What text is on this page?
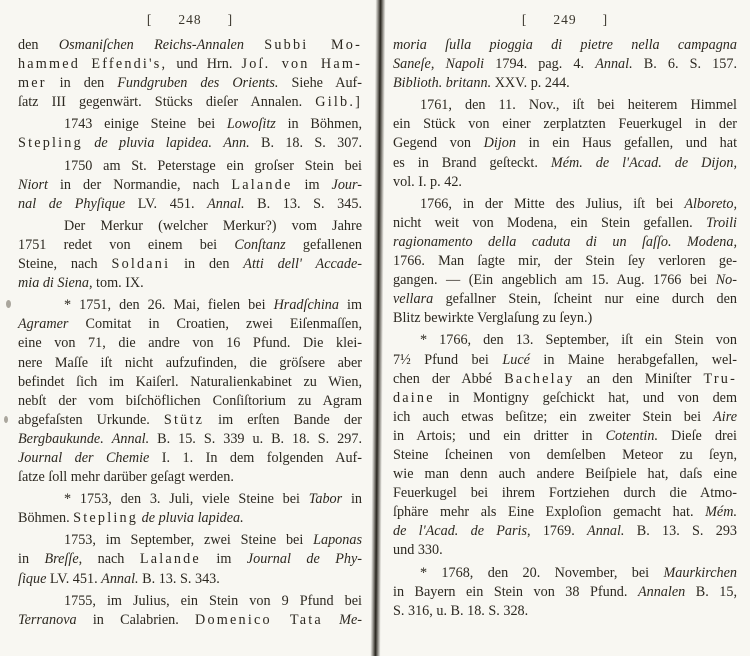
[ 248 ]
den Osmaniſchen Reichs-Annalen Subbi Mo-
hammed Effendi's, und Hrn. Joſ. von Ham-
mer in den Fundgruben des Orients. Siehe Auf-
ſatz III gegenwärt. Stücks dieſer Annalen. Gilb.]
1743 einige Steine bei Lowoſitz in Böhmen,
Stepling de pluvia lapidea. Ann. B. 18. S. 307.
1750 am St. Peterstage ein groſser Stein bei
Niort in der Normandie, nach Lalande im Jour-
nal de Phyſique LV. 451. Annal. B. 13. S. 345.
Der Merkur (welcher Merkur?) vom Jahre
1751 redet von einem bei Conſtanz gefallenen
Steine, nach Soldani in den Atti dell' Accade-
mia di Siena, tom. IX.
* 1751, den 26. Mai, fielen bei Hradſchina im
Agramer Comitat in Croatien, zwei Eiſenmaſſen,
eine von 71, die andre von 16 Pfund. Die klei-
nere Maſſe iſt nicht aufzufinden, die gröſsere aber
befindet ſich im Kaiſerl. Naturalienkabinet zu Wien,
nebſt der vom biſchöflichen Conſiſtorium zu Agram
abgefaſsten Urkunde. Stütz im erſten Bande der
Bergbaukunde. Annal. B. 15. S. 339 u. B. 18. S. 297.
Journal der Chemie I. 1. In dem folgenden Auf-
ſatze ſoll mehr darüber geſagt werden.
* 1753, den 3. Juli, viele Steine bei Tabor in
Böhmen. Stepling de pluvia lapidea.
1753, im September, zwei Steine bei Laponas
in Breſſe, nach Lalande im Journal de Phy-
ſique LV. 451. Annal. B. 13. S. 343.
1755, im Julius, ein Stein von 9 Pfund bei
Terranova in Calabrien. Domenico Tata Me-
[ 249 ]
moria ſulla pioggia di pietre nella campagna
Saneſe, Napoli 1794. pag. 4. Annal. B. 6. S. 157.
Biblioth. britann. XXV. p. 244.
1761, den 11. Nov., iſt bei heiterem Himmel
ein Stück von einer zerplatzten Feuerkugel in der
Gegend von Dijon in ein Haus gefallen, und hat
es in Brand geſteckt. Mém. de l'Acad. de Dijon,
vol. I. p. 42.
1766, in der Mitte des Julius, iſt bei Alboreto,
nicht weit von Modena, ein Stein gefallen. Troili
ragionamento della caduta di un ſaſſo. Modena,
1766. Man ſagte mir, der Stein ſey verloren ge-
gangen. — (Ein angeblich am 15. Aug. 1766 bei No-
vellara gefallner Stein, ſcheint nur eine durch den
Blitz bewirkte Verglaſung zu ſeyn.)
* 1766, den 13. September, iſt ein Stein von
7½ Pfund bei Lucé in Maine herabgefallen, wel-
chen der Abbé Bachelay an den Miniſter Tru-
daine in Montigny geſchickt hat, und von dem
ich auch etwas beſitze; ein zweiter Stein bei Aire
in Artois; und ein dritter in Cotentin. Dieſe drei
Steine ſcheinen von demſelben Meteor zu ſeyn,
wie man denn auch andere Beiſpiele hat, daſs eine
Feuerkugel bei ihrem Fortziehen durch die Atmo-
ſphäre mehr als Eine Exploſion gemacht hat. Mém.
de l'Acad. de Paris, 1769. Annal. B. 13. S. 293
und 330.
* 1768, den 20. November, bei Maurkirchen
in Bayern ein Stein von 38 Pfund. Annalen B. 15,
S. 316, u. B. 18. S. 328.
